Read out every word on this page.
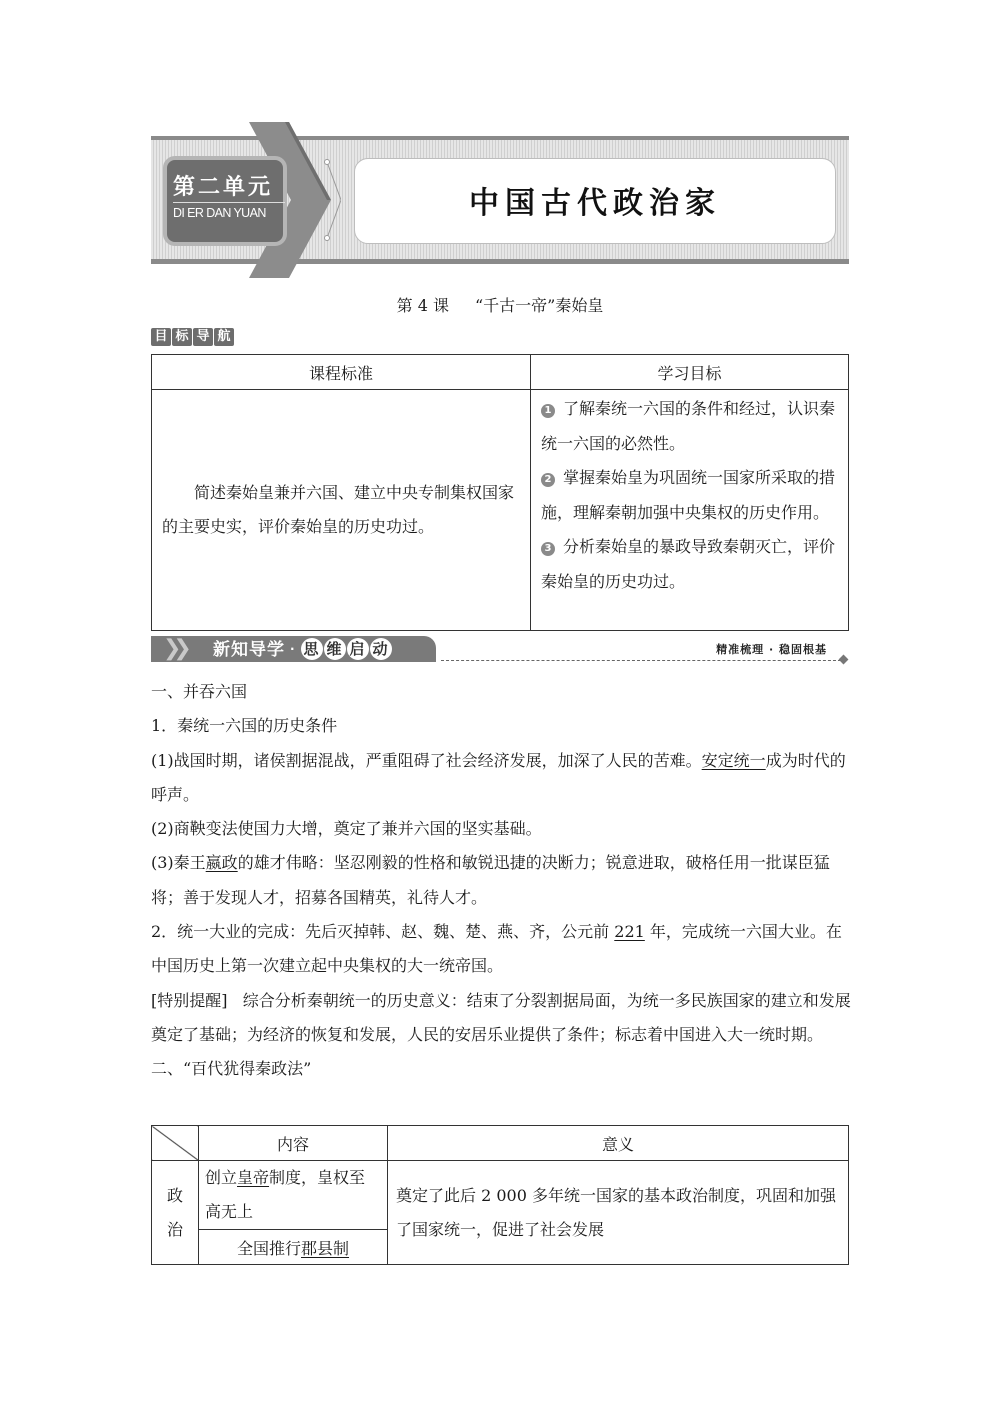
第二单元
DI ER DAN YUAN	中国古代政治家
第 4 课 “千古一帝”秦始皇
目 标 导 航
课程标准	学习目标
简述秦始皇兼并六国、建立中央专制集权国家的主要史实，评价秦始皇的历史功过。	1 了解秦统一六国的条件和经过，认识秦统一六国的必然性。
2 掌握秦始皇为巩固统一国家所采取的措施，理解秦朝加强中央集权的历史作用。
3 分析秦始皇的暴政导致秦朝灭亡，评价秦始皇的历史功过。
❯❯ 新知导学 · 思 维 启 动	精准梳理 · 稳固根基

一、并吞六国

1．秦统一六国的历史条件

(1)战国时期，诸侯割据混战，严重阻碍了社会经济发展，加深了人民的苦难。安定统一成为时代的呼声。

(2)商鞅变法使国力大增，奠定了兼并六国的坚实基础。

(3)秦王嬴政的雄才伟略：坚忍刚毅的性格和敏锐迅捷的决断力；锐意进取，破格任用一批谋臣猛将；善于发现人才，招募各国精英，礼待人才。

2．统一大业的完成：先后灭掉韩、赵、魏、楚、燕、齐，公元前 221 年，完成统一六国大业。在中国历史上第一次建立起中央集权的大一统帝国。

[特别提醒] 综合分析秦朝统一的历史意义：结束了分裂割据局面，为统一多民族国家的建立和发展奠定了基础；为经济的恢复和发展，人民的安居乐业提供了条件；标志着中国进入大一统时期。

二、“百代犹得秦政法”

	内容	意义
政治	创立皇帝制度，皇权至高无上	奠定了此后 2 000 多年统一国家的基本政治制度，巩固和加强了国家统一，促进了社会发展
	全国推行郡县制	
